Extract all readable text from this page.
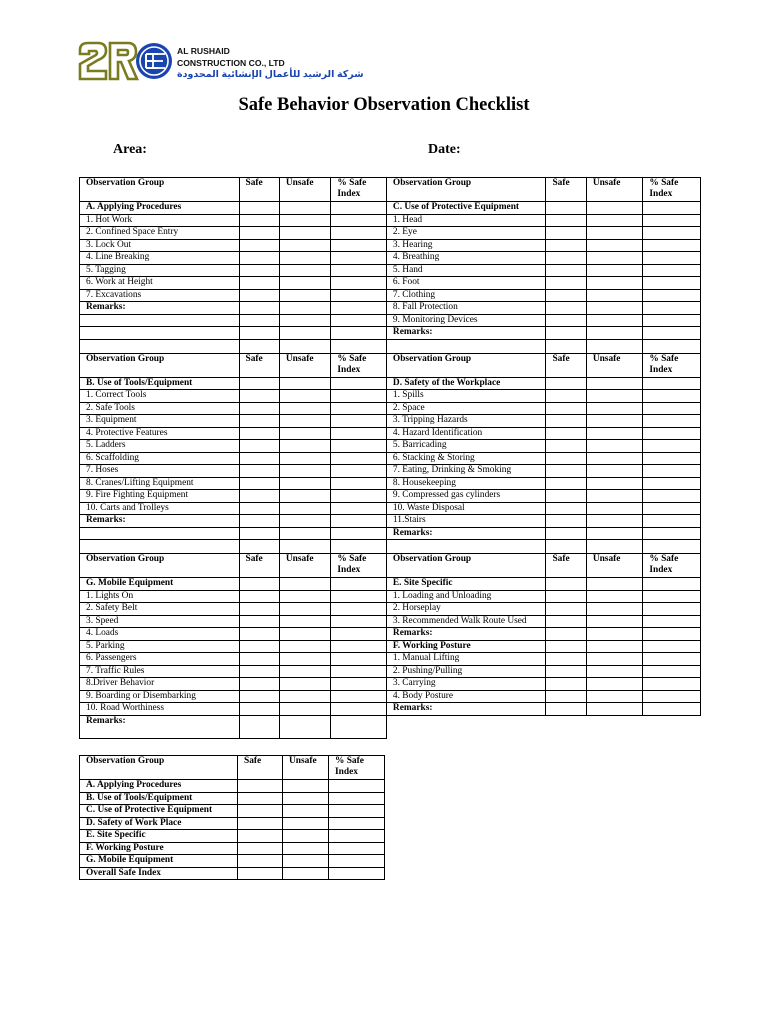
AL RUSHAID
CONSTRUCTION CO., LTD
شركة الرشيد للأعمال الإنشائية المحدودة
Safe Behavior Observation Checklist
Area:	Date:
Observation Group	Safe	Unsafe	% Safe Index	Observation Group	Safe	Unsafe	% Safe Index
A. Applying Procedures				C. Use of Protective Equipment			
1. Hot Work				1. Head			
2. Confined Space Entry				2. Eye			
3. Lock Out				3. Hearing			
4. Line Breaking				4. Breathing			
5. Tagging				5. Hand			
6. Work at Height				6. Foot			
7. Excavations				7. Clothing			
Remarks:				8. Fall Protection			
				9. Monitoring Devices			
				Remarks:			

Observation Group	Safe	Unsafe	% Safe Index	Observation Group	Safe	Unsafe	% Safe Index
B. Use of Tools/Equipment				D. Safety of the Workplace			
1. Correct Tools				1. Spills			
2. Safe Tools				2. Space			
3. Equipment				3. Tripping Hazards			
4. Protective Features				4. Hazard Identification			
5. Ladders				5. Barricading			
6. Scaffolding				6. Stacking & Storing			
7. Hoses				7. Eating, Drinking & Smoking			
8. Cranes/Lifting Equipment				8. Housekeeping			
9. Fire Fighting Equipment				9. Compressed gas cylinders			
10. Carts and Trolleys				10. Waste Disposal			
Remarks:				11.Stairs			
				Remarks:			

Observation Group	Safe	Unsafe	% Safe Index	Observation Group	Safe	Unsafe	% Safe Index
G. Mobile Equipment				E. Site Specific			
1. Lights On				1. Loading and Unloading			
2. Safety Belt				2. Horseplay			
3. Speed				3. Recommended Walk Route Used			
4. Loads				Remarks:			
5. Parking				F. Working Posture			
6. Passengers				1. Manual Lifting			
7. Traffic Rules				2. Pushing/Pulling			
8.Driver Behavior				3. Carrying			
9. Boarding or Disembarking				4. Body Posture			
10. Road Worthiness				Remarks:			
Remarks:							
Observation Group	Safe	Unsafe	% Safe Index
A. Applying Procedures			
B. Use of Tools/Equipment			
C. Use of Protective Equipment			
D. Safety of Work Place			
E. Site Specific			
F. Working Posture			
G. Mobile Equipment			
Overall Safe Index			
